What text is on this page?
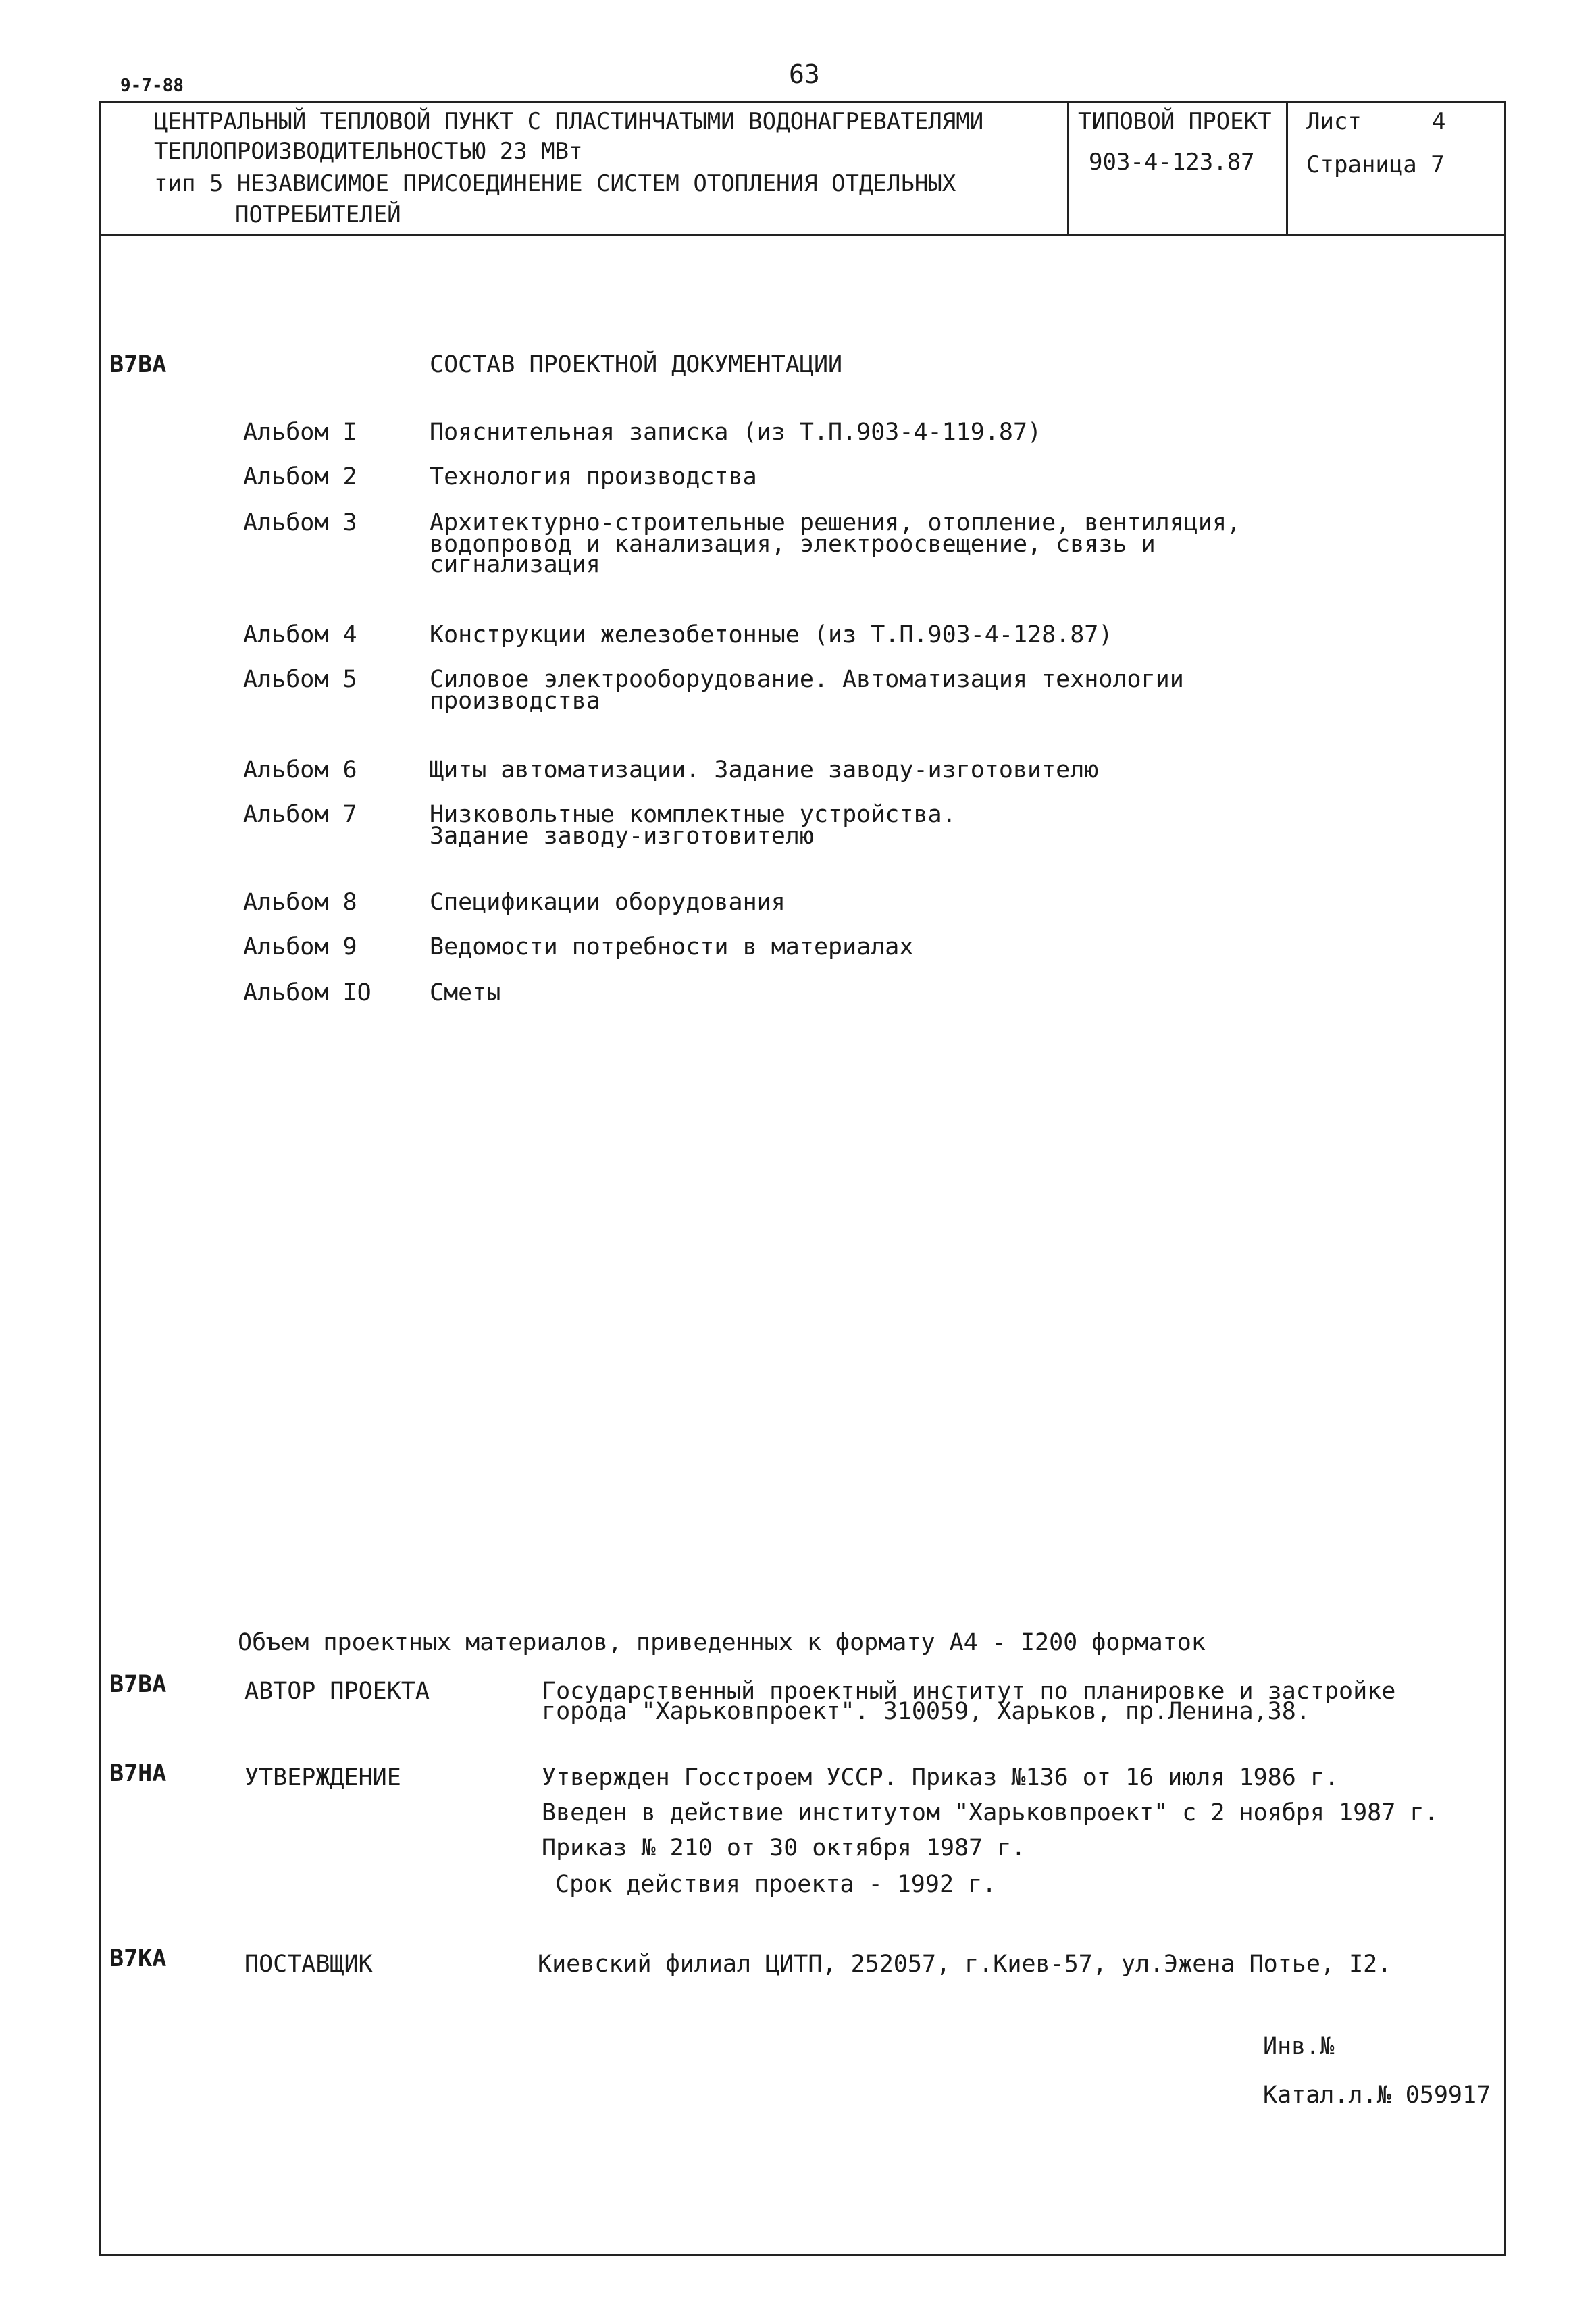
9-7-88	63
ЦЕНТРАЛЬНЫЙ ТЕПЛОВОЙ ПУНКТ С ПЛАСТИНЧАТЫМИ ВОДОНАГРЕВАТЕЛЯМИ
ТЕПЛОПРОИЗВОДИТЕЛЬНОСТЬЮ 23 МВт
тип 5 НЕЗАВИСИМОЕ ПРИСОЕДИНЕНИЕ СИСТЕМ ОТОПЛЕНИЯ ОТДЕЛЬНЫХ
ПОТРЕБИТЕЛЕЙ
ТИПОВОЙ ПРОЕКТ
903-4-123.87
Лист	4
Страница 7
В7ВА	СОСТАВ ПРОЕКТНОЙ ДОКУМЕНТАЦИИ
Альбом I	Пояснительная записка (из Т.П.903-4-119.87)
Альбом 2	Технология производства
Альбом 3	Архитектурно-строительные решения, отопление, вентиляция,
водопровод и канализация, электроосвещение, связь и
сигнализация
Альбом 4	Конструкции железобетонные (из Т.П.903-4-128.87)
Альбом 5	Силовое электрооборудование. Автоматизация технологии
производства
Альбом 6	Щиты автоматизации. Задание заводу-изготовителю
Альбом 7	Низковольтные комплектные устройства.
Задание заводу-изготовителю
Альбом 8	Спецификации оборудования
Альбом 9	Ведомости потребности в материалах
Альбом IO Сметы
Объем проектных материалов, приведенных к формату А4 - I200 форматок
В7ВА	АВТОР ПРОЕКТА	Государственный проектный институт по планировке и застройке
города "Харьковпроект". 310059, Харьков, пр.Ленина,38.
В7НА	УТВЕРЖДЕНИЕ	Утвержден Госстроем УССР. Приказ №136 от 16 июля 1986 г.
Введен в действие институтом "Харьковпроект" с 2 ноября 1987 г.
Приказ № 210 от 30 октября 1987 г.
Срок действия проекта - 1992 г.
В7КА	ПОСТАВЩИК	Киевский филиал ЦИТП, 252057, г.Киев-57, ул.Эжена Потье, I2.
Инв.№
Катал.л.№ 059917
